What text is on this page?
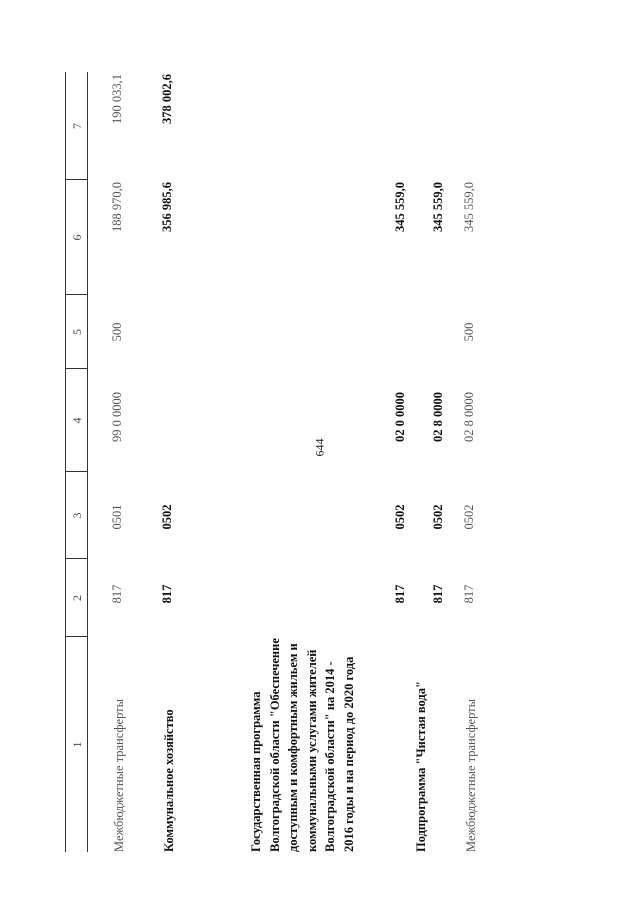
644
1
2
3
4
5
6
7
Межбюджетные трансферты
817
0501
99 0 0000
500
188 970,0
190 033,1
Коммунальное хозяйство
817
0502
356 985,6
378 002,6
Государственная программа Волгоградской области "Обеспечение доступным и комфортным жильем и коммунальными услугами жителей Волгоградской области" на 2014 - 2016 годы и на период до 2020 года
817
0502
02 0 0000
345 559,0
Подпрограмма "Чистая вода"
817
0502
02 8 0000
345 559,0
Межбюджетные трансферты
817
0502
02 8 0000
500
345 559,0
